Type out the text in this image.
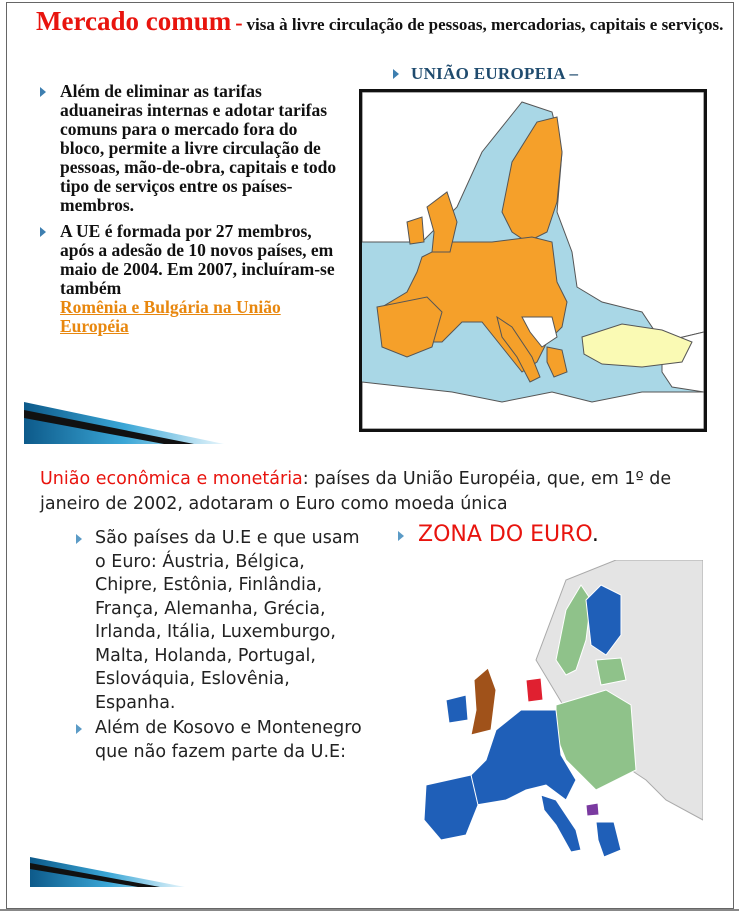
Mercado comum - visa à livre circulação de pessoas, mercadorias, capitais e serviços.
Além de eliminar as tarifas aduaneiras internas e adotar tarifas comuns para o mercado fora do bloco, permite a livre circulação de pessoas, mão-de-obra, capitais e todo tipo de serviços entre os países-membros.
A UE é formada por 27 membros, após a adesão de 10 novos países, em maio de 2004. Em 2007, incluíram-se também
Romênia e Bulgária na União Européia
UNIÃO EUROPEIA –
União econômica e monetária: países da União Européia, que, em 1º de janeiro de 2002, adotaram o Euro como moeda única
São países da U.E e que usam o Euro: Áustria, Bélgica, Chipre, Estônia, Finlândia, França, Alemanha, Grécia, Irlanda, Itália, Luxemburgo, Malta, Holanda, Portugal, Eslováquia, Eslovênia, Espanha.
Além de Kosovo e Montenegro que não fazem parte da U.E:
ZONA DO EURO.
